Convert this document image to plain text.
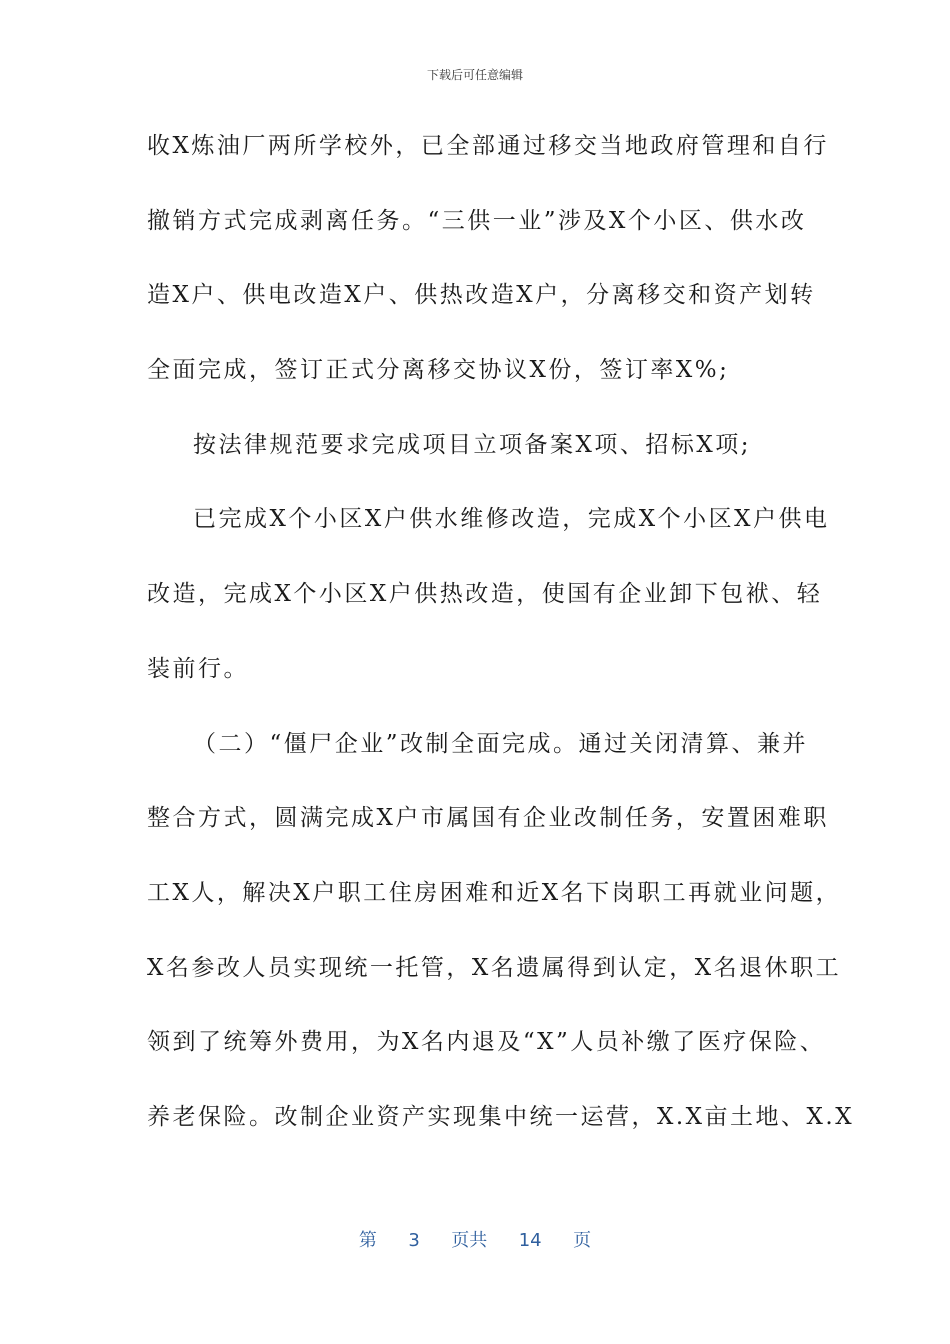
下载后可任意编辑
收X炼油厂两所学校外，已全部通过移交当地政府管理和自行
撤销方式完成剥离任务。“三供一业”涉及X个小区、供水改
造X户、供电改造X户、供热改造X户，分离移交和资产划转
全面完成，签订正式分离移交协议X份，签订率X%;
按法律规范要求完成项目立项备案X项、招标X项;
已完成X个小区X户供水维修改造，完成X个小区X户供电
改造，完成X个小区X户供热改造，使国有企业卸下包袱、轻
装前行。
（二）“僵尸企业”改制全面完成。通过关闭清算、兼并
整合方式，圆满完成X户市属国有企业改制任务，安置困难职
工X人，解决X户职工住房困难和近X名下岗职工再就业问题，
X名参改人员实现统一托管，X名遗属得到认定，X名退休职工
领到了统筹外费用，为X名内退及“X”人员补缴了医疗保险、
养老保险。改制企业资产实现集中统一运营，X.X亩土地、X.X
第 3 页共 14 页
